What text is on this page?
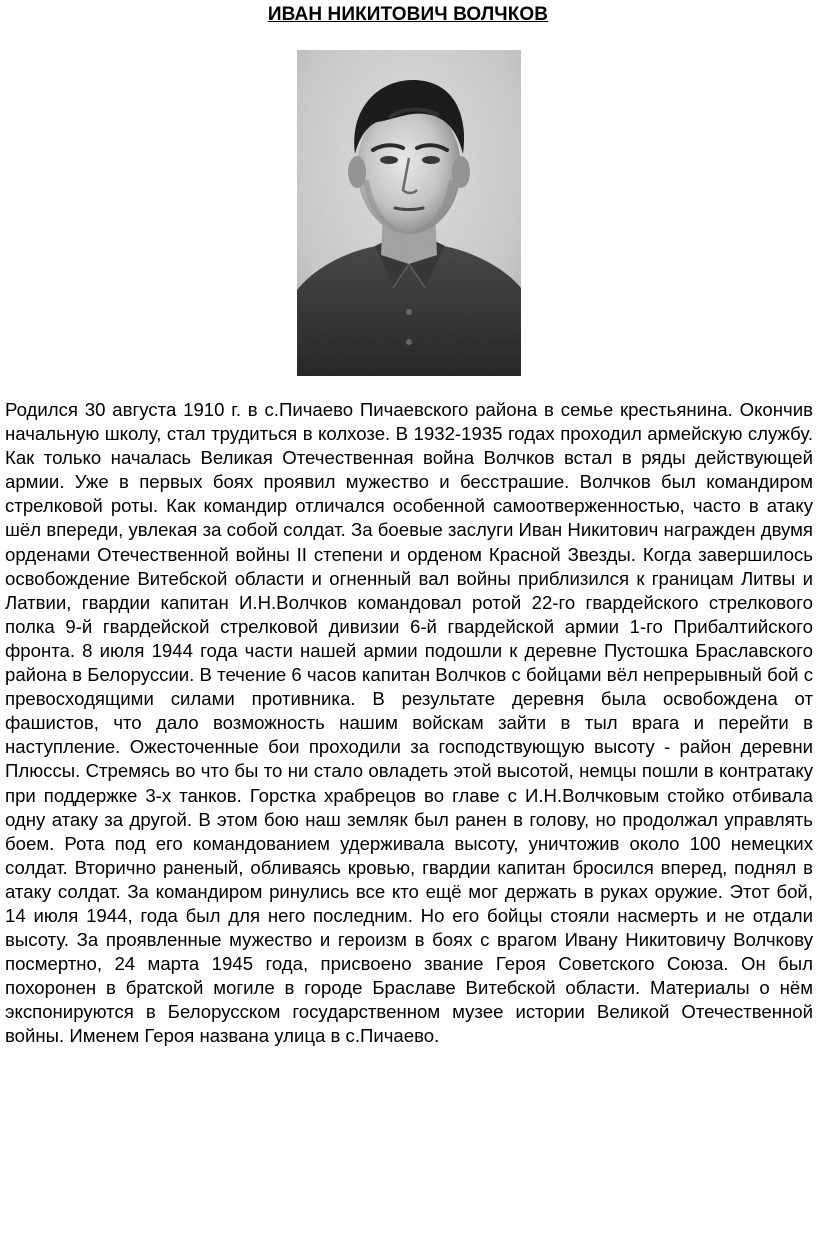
ИВАН НИКИТОВИЧ ВОЛЧКОВ

Родился 30 августа 1910 г. в с.Пичаево Пичаевского района в семье крестьянина. Окончив начальную школу, стал трудиться в колхозе. В 1932-1935 годах проходил армейскую службу. Как только началась Великая Отечественная война Волчков встал в ряды действующей армии. Уже в первых боях проявил мужество и бесстрашие. Волчков был командиром стрелковой роты. Как командир отличался особенной самоотверженностью, часто в атаку шёл впереди, увлекая за собой солдат. За боевые заслуги Иван Никитович награжден двумя орденами Отечественной войны II степени и орденом Красной Звезды. Когда завершилось освобождение Витебской области и огненный вал войны приблизился к границам Литвы и Латвии, гвардии капитан И.Н.Волчков командовал ротой 22-го гвардейского стрелкового полка 9-й гвардейской стрелковой дивизии 6-й гвардейской армии 1-го Прибалтийского фронта. 8 июля 1944 года части нашей армии подошли к деревне Пустошка Браславского района в Белоруссии. В течение 6 часов капитан Волчков с бойцами вёл непрерывный бой с превосходящими силами противника. В результате деревня была освобождена от фашистов, что дало возможность нашим войскам зайти в тыл врага и перейти в наступление. Ожесточенные бои проходили за господствующую высоту - район деревни Плюссы. Стремясь во что бы то ни стало овладеть этой высотой, немцы пошли в контратаку при поддержке 3-х танков. Горстка храбрецов во главе с И.Н.Волчковым стойко отбивала одну атаку за другой. В этом бою наш земляк был ранен в голову, но продолжал управлять боем. Рота под его командованием удерживала высоту, уничтожив около 100 немецких солдат. Вторично раненый, обливаясь кровью, гвардии капитан бросился вперед, поднял в атаку солдат. За командиром ринулись все кто ещё мог держать в руках оружие. Этот бой, 14 июля 1944, года был для него последним. Но его бойцы стояли насмерть и не отдали высоту. За проявленные мужество и героизм в боях с врагом Ивану Никитовичу Волчкову посмертно, 24 марта 1945 года, присвоено звание Героя Советского Союза. Он был похоронен в братской могиле в городе Браславе Витебской области. Материалы о нём экспонируются в Белорусском государственном музее истории Великой Отечественной войны. Именем Героя названа улица в с.Пичаево.
